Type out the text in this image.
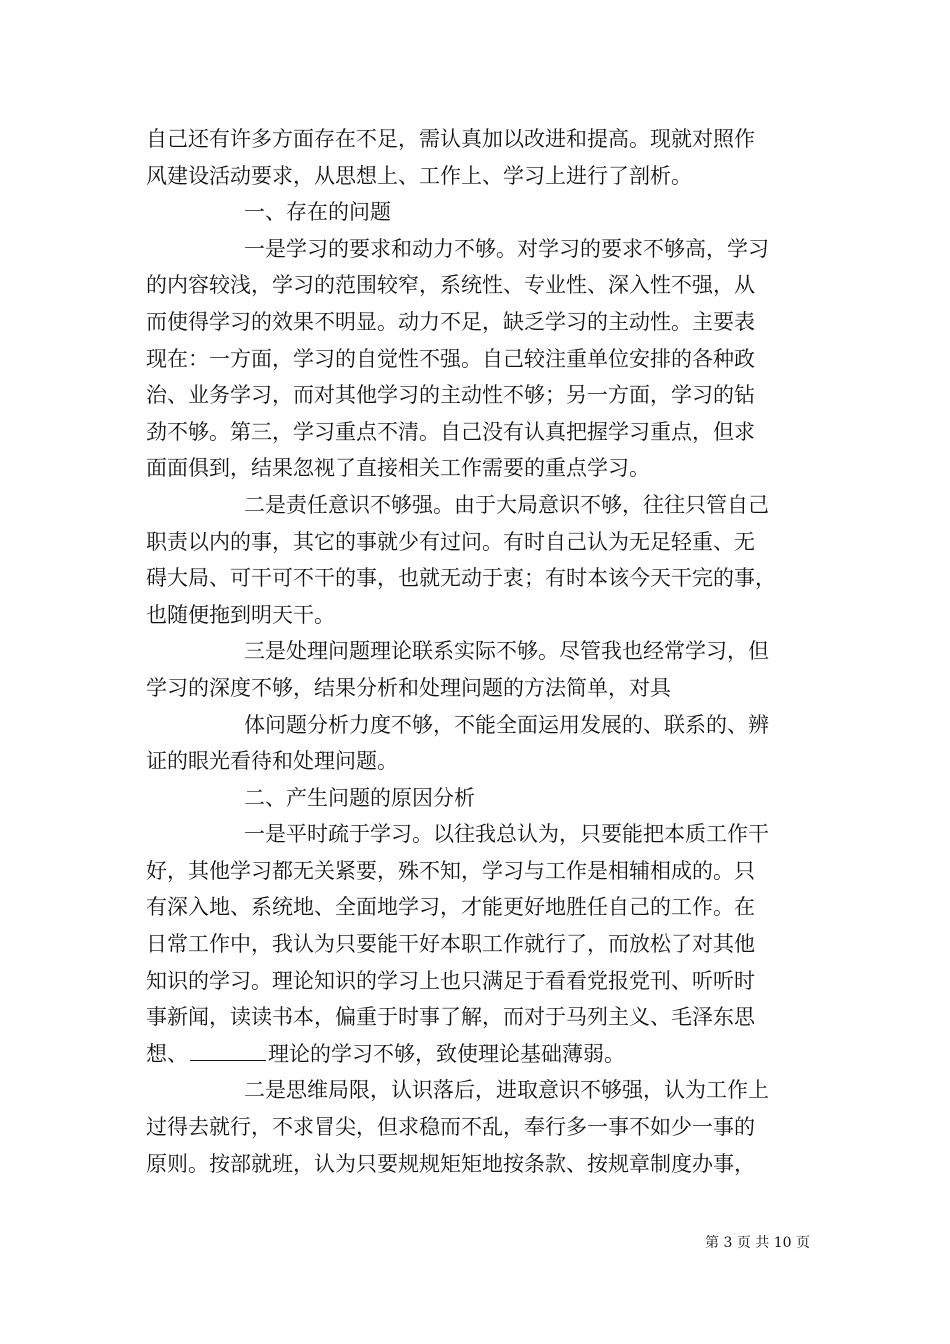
自己还有许多方面存在不足，需认真加以改进和提高。现就对照作
风建设活动要求，从思想上、工作上、学习上进行了剖析。
一、存在的问题
一是学习的要求和动力不够。对学习的要求不够高，学习
的内容较浅，学习的范围较窄，系统性、专业性、深入性不强，从
而使得学习的效果不明显。动力不足，缺乏学习的主动性。主要表
现在：一方面，学习的自觉性不强。自己较注重单位安排的各种政
治、业务学习，而对其他学习的主动性不够；另一方面，学习的钻
劲不够。第三，学习重点不清。自己没有认真把握学习重点，但求
面面俱到，结果忽视了直接相关工作需要的重点学习。
二是责任意识不够强。由于大局意识不够，往往只管自己
职责以内的事，其它的事就少有过问。有时自己认为无足轻重、无
碍大局、可干可不干的事，也就无动于衷；有时本该今天干完的事，
也随便拖到明天干。
三是处理问题理论联系实际不够。尽管我也经常学习，但
学习的深度不够，结果分析和处理问题的方法简单，对具
体问题分析力度不够，不能全面运用发展的、联系的、辨
证的眼光看待和处理问题。
二、产生问题的原因分析
一是平时疏于学习。以往我总认为，只要能把本质工作干
好，其他学习都无关紧要，殊不知，学习与工作是相辅相成的。只
有深入地、系统地、全面地学习，才能更好地胜任自己的工作。在
日常工作中，我认为只要能干好本职工作就行了，而放松了对其他
知识的学习。理论知识的学习上也只满足于看看党报党刊、听听时
事新闻，读读书本，偏重于时事了解，而对于马列主义、毛泽东思
想、	理论的学习不够，致使理论基础薄弱。
二是思维局限，认识落后，进取意识不够强，认为工作上
过得去就行，不求冒尖，但求稳而不乱，奉行多一事不如少一事的
原则。按部就班，认为只要规规矩矩地按条款、按规章制度办事，
第 3 页 共 10 页
